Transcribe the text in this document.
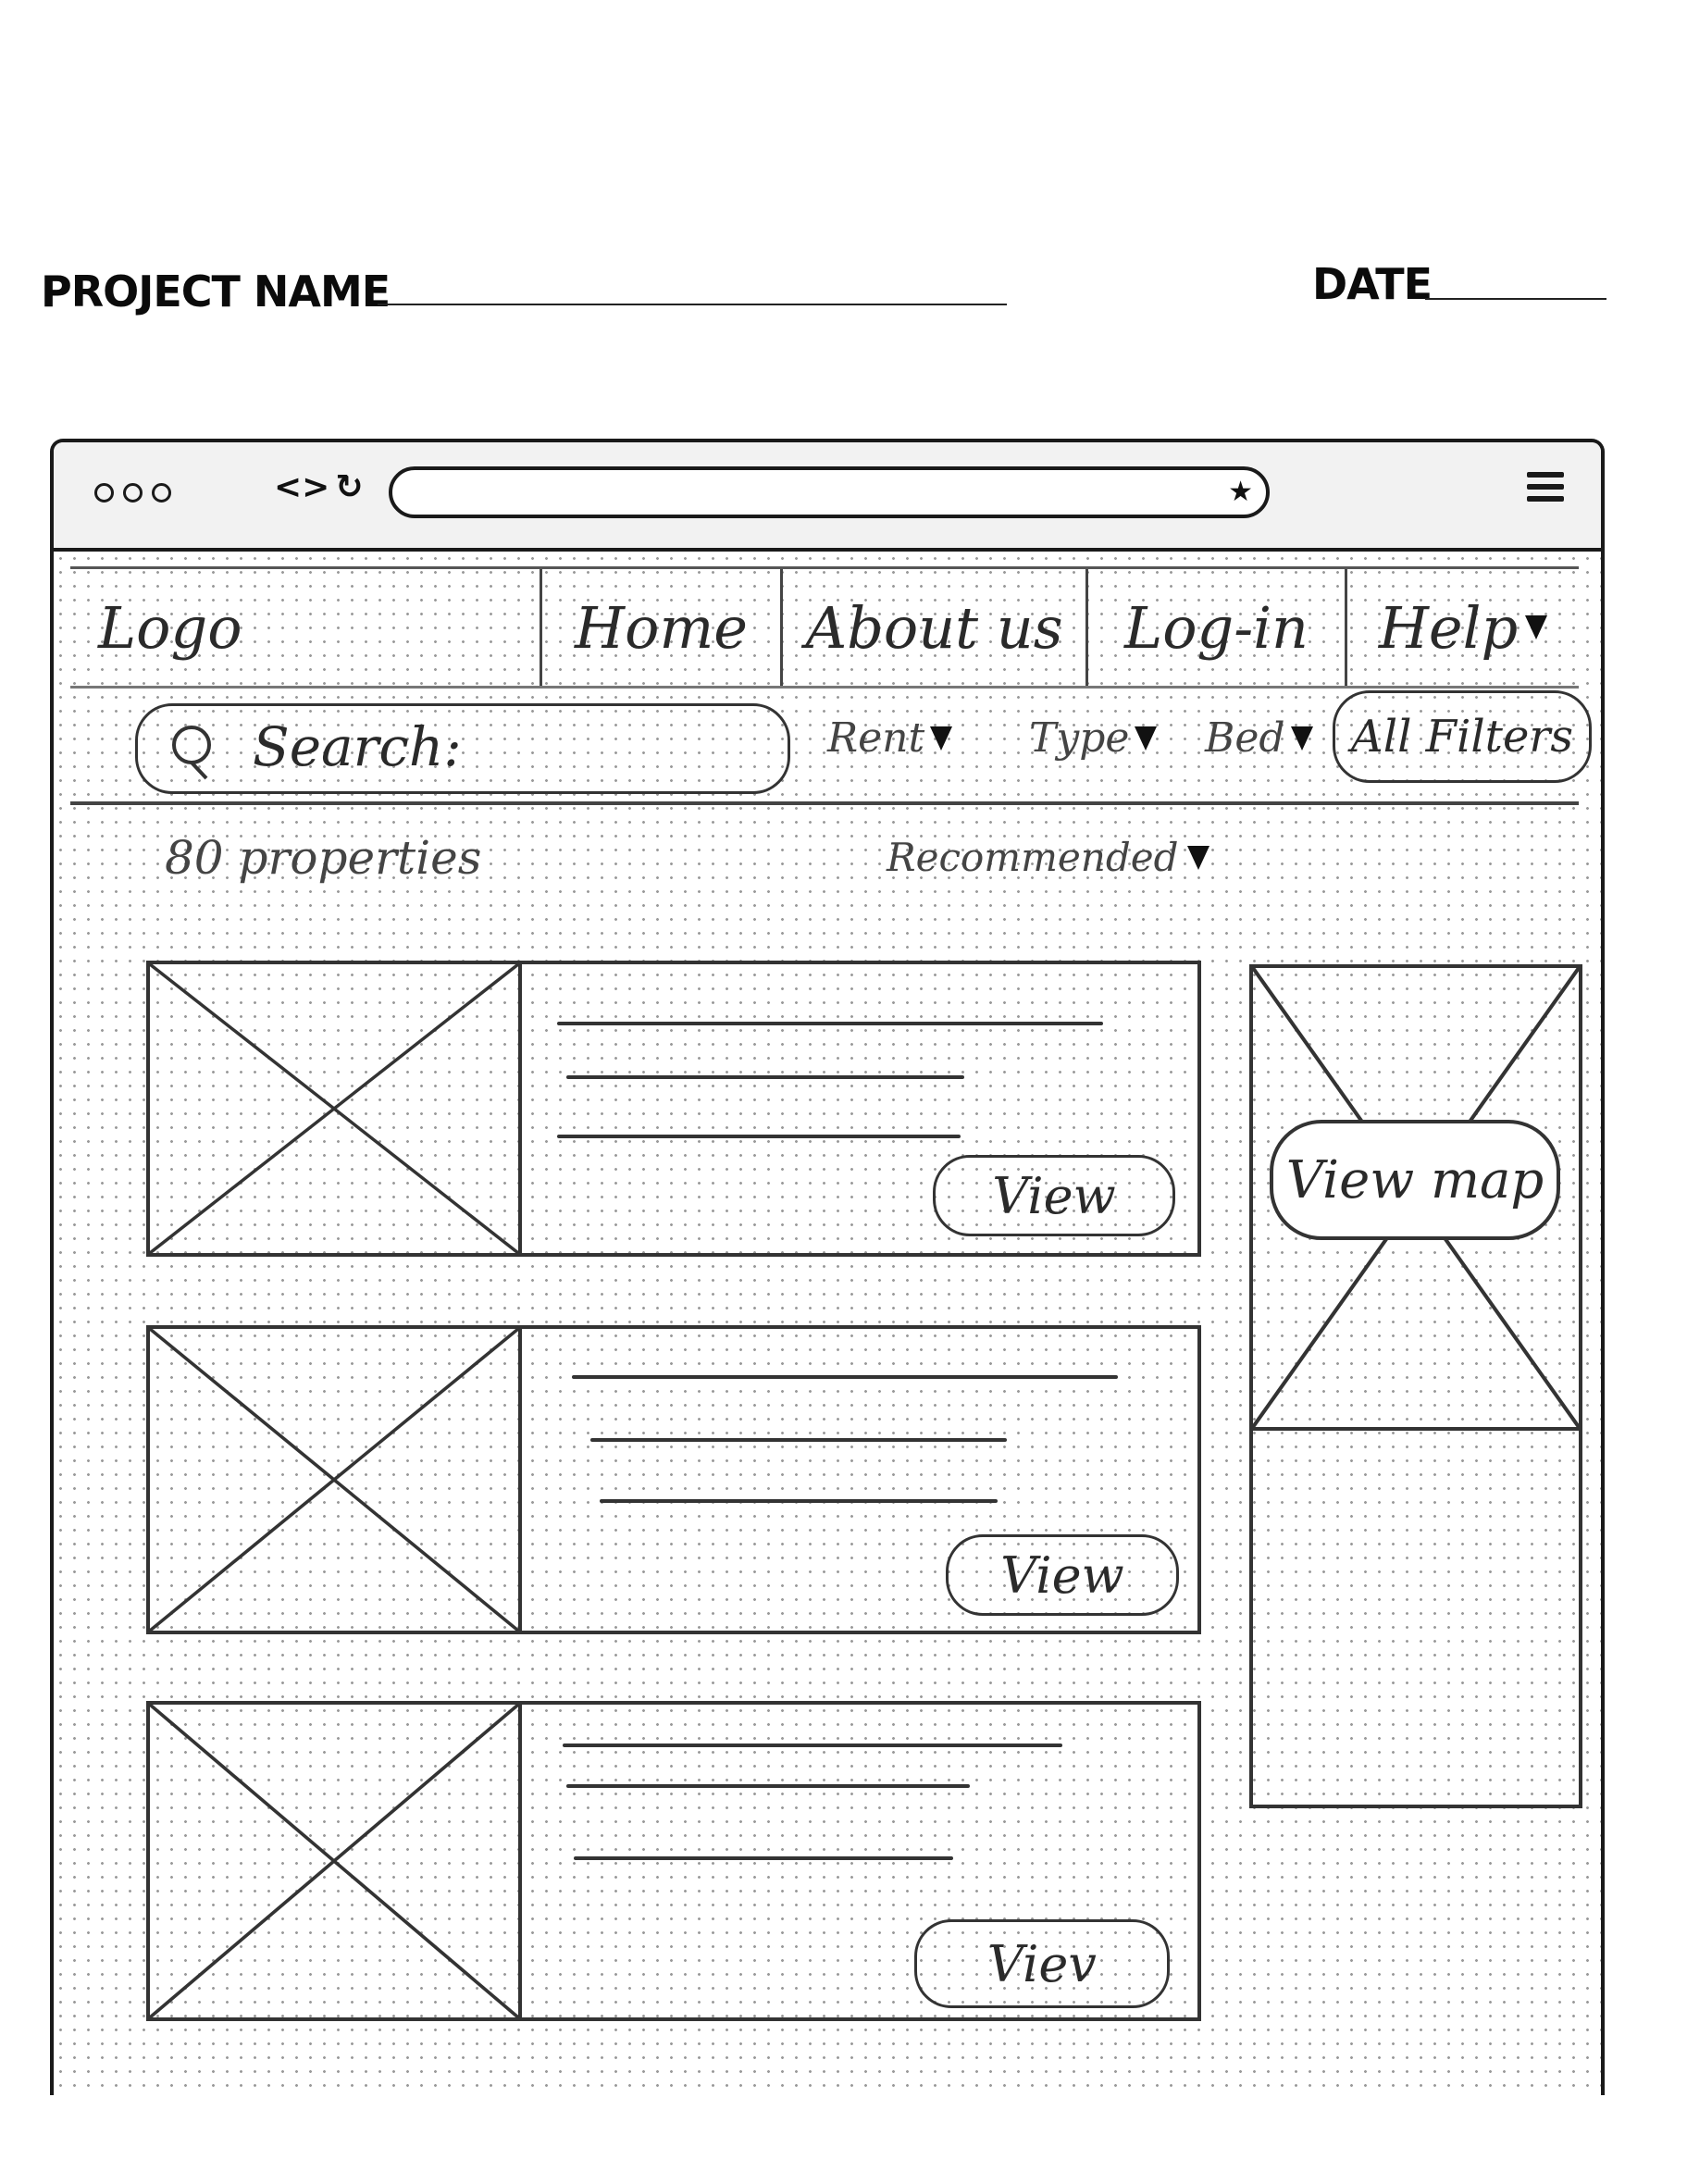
PROJECT NAME	DATE
<> ↻	★
Logo	Home	About us	Log-in Help
Search:	Rent	Type Bed	All Filters
80 properties	Recommended
View
View
Viev
View map
